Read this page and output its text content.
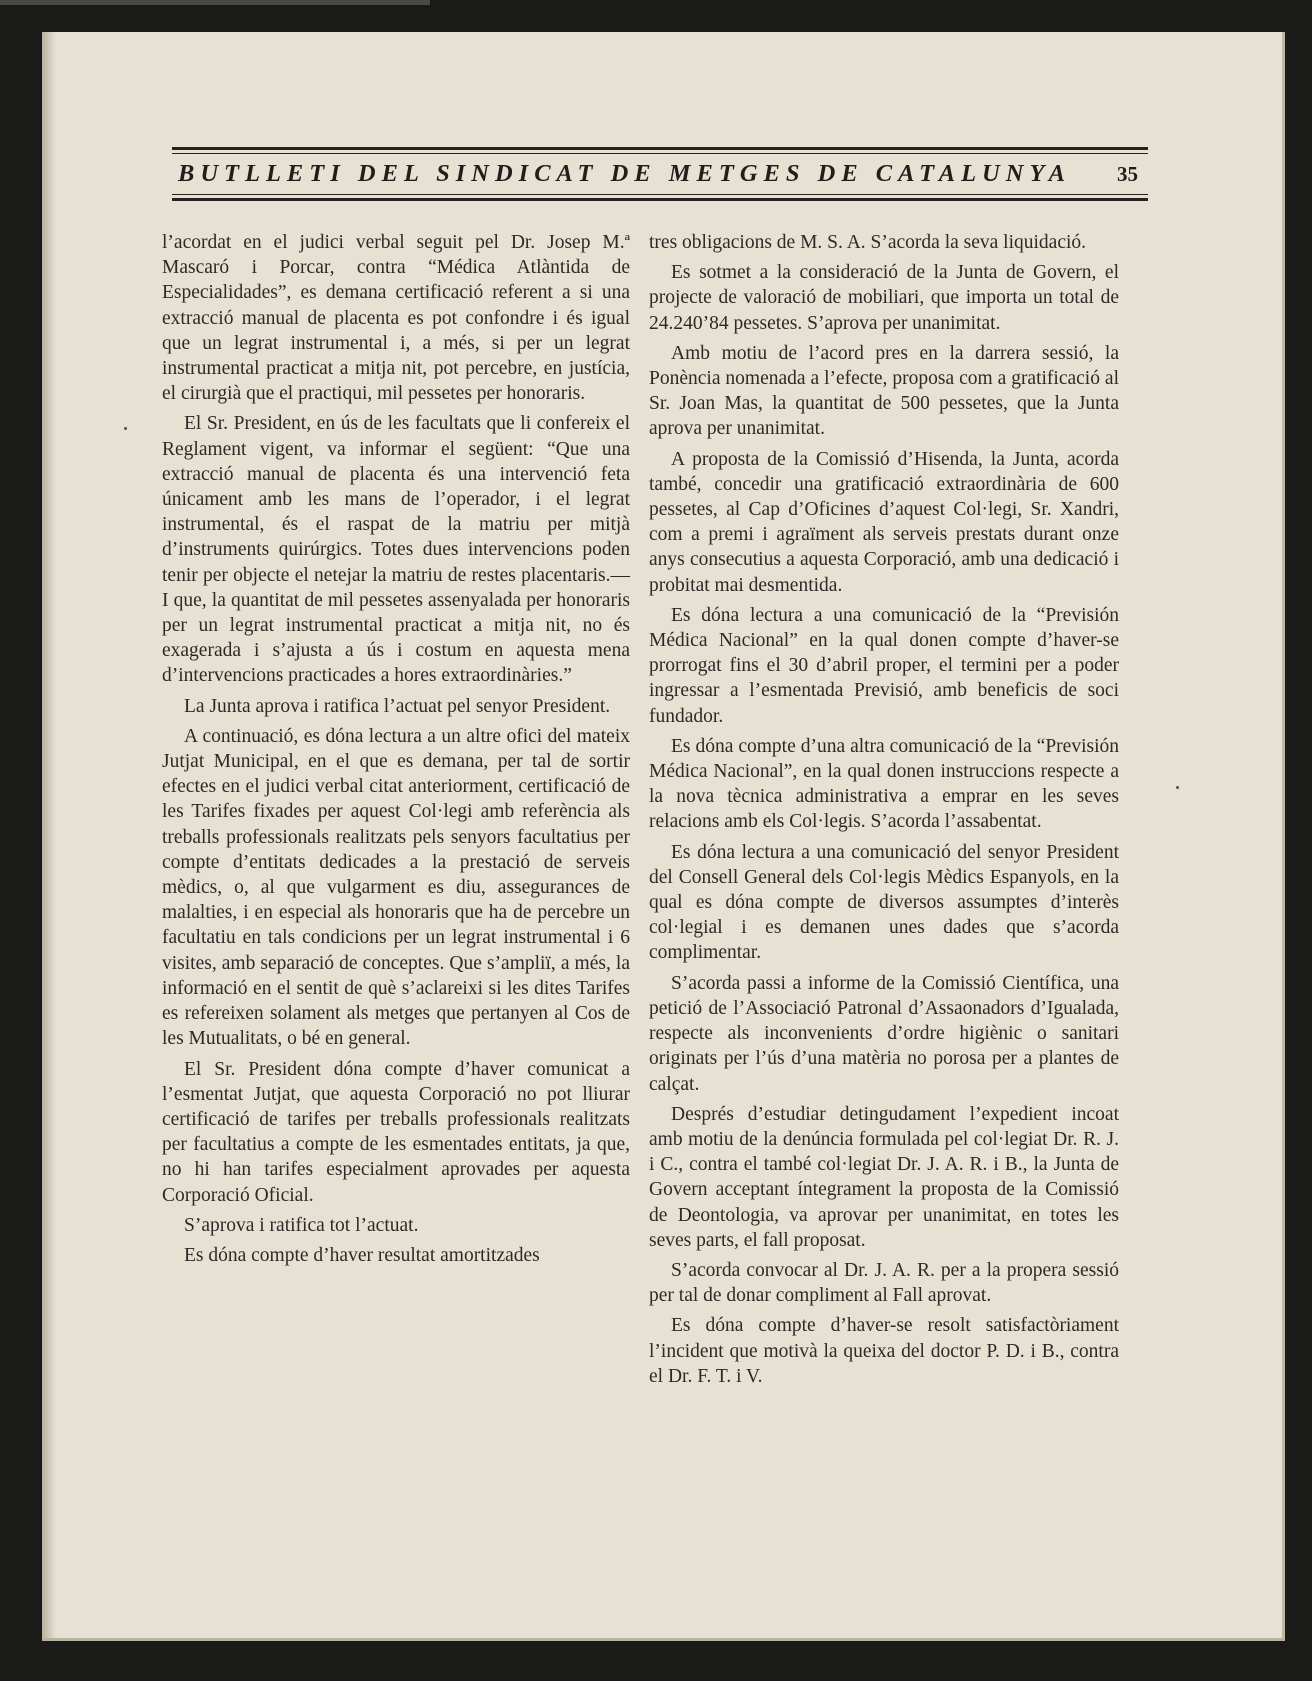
BUTLLETI DEL SINDICAT DE METGES DE CATALUNYA 35

l’acordat en el judici verbal seguit pel Dr. Josep M.ª Mascaró i Porcar, contra “Médica Atlàntida de Especialidades”, es demana certificació referent a si una extracció manual de placenta es pot confondre i és igual que un legrat instrumental i, a més, si per un legrat instrumental practicat a mitja nit, pot percebre, en justícia, el cirurgià que el practiqui, mil pessetes per honoraris.

El Sr. President, en ús de les facultats que li confereix el Reglament vigent, va informar el següent: “Que una extracció manual de placenta és una intervenció feta únicament amb les mans de l’operador, i el legrat instrumental, és el raspat de la matriu per mitjà d’instruments quirúrgics. Totes dues intervencions poden tenir per objecte el netejar la matriu de restes placentaris.—I que, la quantitat de mil pessetes assenyalada per honoraris per un legrat instrumental practicat a mitja nit, no és exagerada i s’ajusta a ús i costum en aquesta mena d’intervencions practicades a hores extraordinàries.”

La Junta aprova i ratifica l’actuat pel senyor President.

A continuació, es dóna lectura a un altre ofici del mateix Jutjat Municipal, en el que es demana, per tal de sortir efectes en el judici verbal citat anteriorment, certificació de les Tarifes fixades per aquest Col·legi amb referència als treballs professionals realitzats pels senyors facultatius per compte d’entitats dedicades a la prestació de serveis mèdics, o, al que vulgarment es diu, assegurances de malalties, i en especial als honoraris que ha de percebre un facultatiu en tals condicions per un legrat instrumental i 6 visites, amb separació de conceptes. Que s’ampliï, a més, la informació en el sentit de què s’aclareixi si les dites Tarifes es refereixen solament als metges que pertanyen al Cos de les Mutualitats, o bé en general.

El Sr. President dóna compte d’haver comunicat a l’esmentat Jutjat, que aquesta Corporació no pot lliurar certificació de tarifes per treballs professionals realitzats per facultatius a compte de les esmentades entitats, ja que, no hi han tarifes especialment aprovades per aquesta Corporació Oficial.

S’aprova i ratifica tot l’actuat.

Es dóna compte d’haver resultat amortitzades

tres obligacions de M. S. A. S’acorda la seva liquidació.

Es sotmet a la consideració de la Junta de Govern, el projecte de valoració de mobiliari, que importa un total de 24.240’84 pessetes. S’aprova per unanimitat.

Amb motiu de l’acord pres en la darrera sessió, la Ponència nomenada a l’efecte, proposa com a gratificació al Sr. Joan Mas, la quantitat de 500 pessetes, que la Junta aprova per unanimitat.

A proposta de la Comissió d’Hisenda, la Junta, acorda també, concedir una gratificació extraordinària de 600 pessetes, al Cap d’Oficines d’aquest Col·legi, Sr. Xandri, com a premi i agraïment als serveis prestats durant onze anys consecutius a aquesta Corporació, amb una dedicació i probitat mai desmentida.

Es dóna lectura a una comunicació de la “Previsión Médica Nacional” en la qual donen compte d’haver-se prorrogat fins el 30 d’abril proper, el termini per a poder ingressar a l’esmentada Previsió, amb beneficis de soci fundador.

Es dóna compte d’una altra comunicació de la “Previsión Médica Nacional”, en la qual donen instruccions respecte a la nova tècnica administrativa a emprar en les seves relacions amb els Col·legis. S’acorda l’assabentat.

Es dóna lectura a una comunicació del senyor President del Consell General dels Col·legis Mèdics Espanyols, en la qual es dóna compte de diversos assumptes d’interès col·legial i es demanen unes dades que s’acorda complimentar.

S’acorda passi a informe de la Comissió Científica, una petició de l’Associació Patronal d’Assaonadors d’Igualada, respecte als inconvenients d’ordre higiènic o sanitari originats per l’ús d’una matèria no porosa per a plantes de calçat.

Després d’estudiar detingudament l’expedient incoat amb motiu de la denúncia formulada pel col·legiat Dr. R. J. i C., contra el també col·legiat Dr. J. A. R. i B., la Junta de Govern acceptant íntegrament la proposta de la Comissió de Deontologia, va aprovar per unanimitat, en totes les seves parts, el fall proposat.

S’acorda convocar al Dr. J. A. R. per a la propera sessió per tal de donar compliment al Fall aprovat.

Es dóna compte d’haver-se resolt satisfactòriament l’incident que motivà la queixa del doctor P. D. i B., contra el Dr. F. T. i V.
